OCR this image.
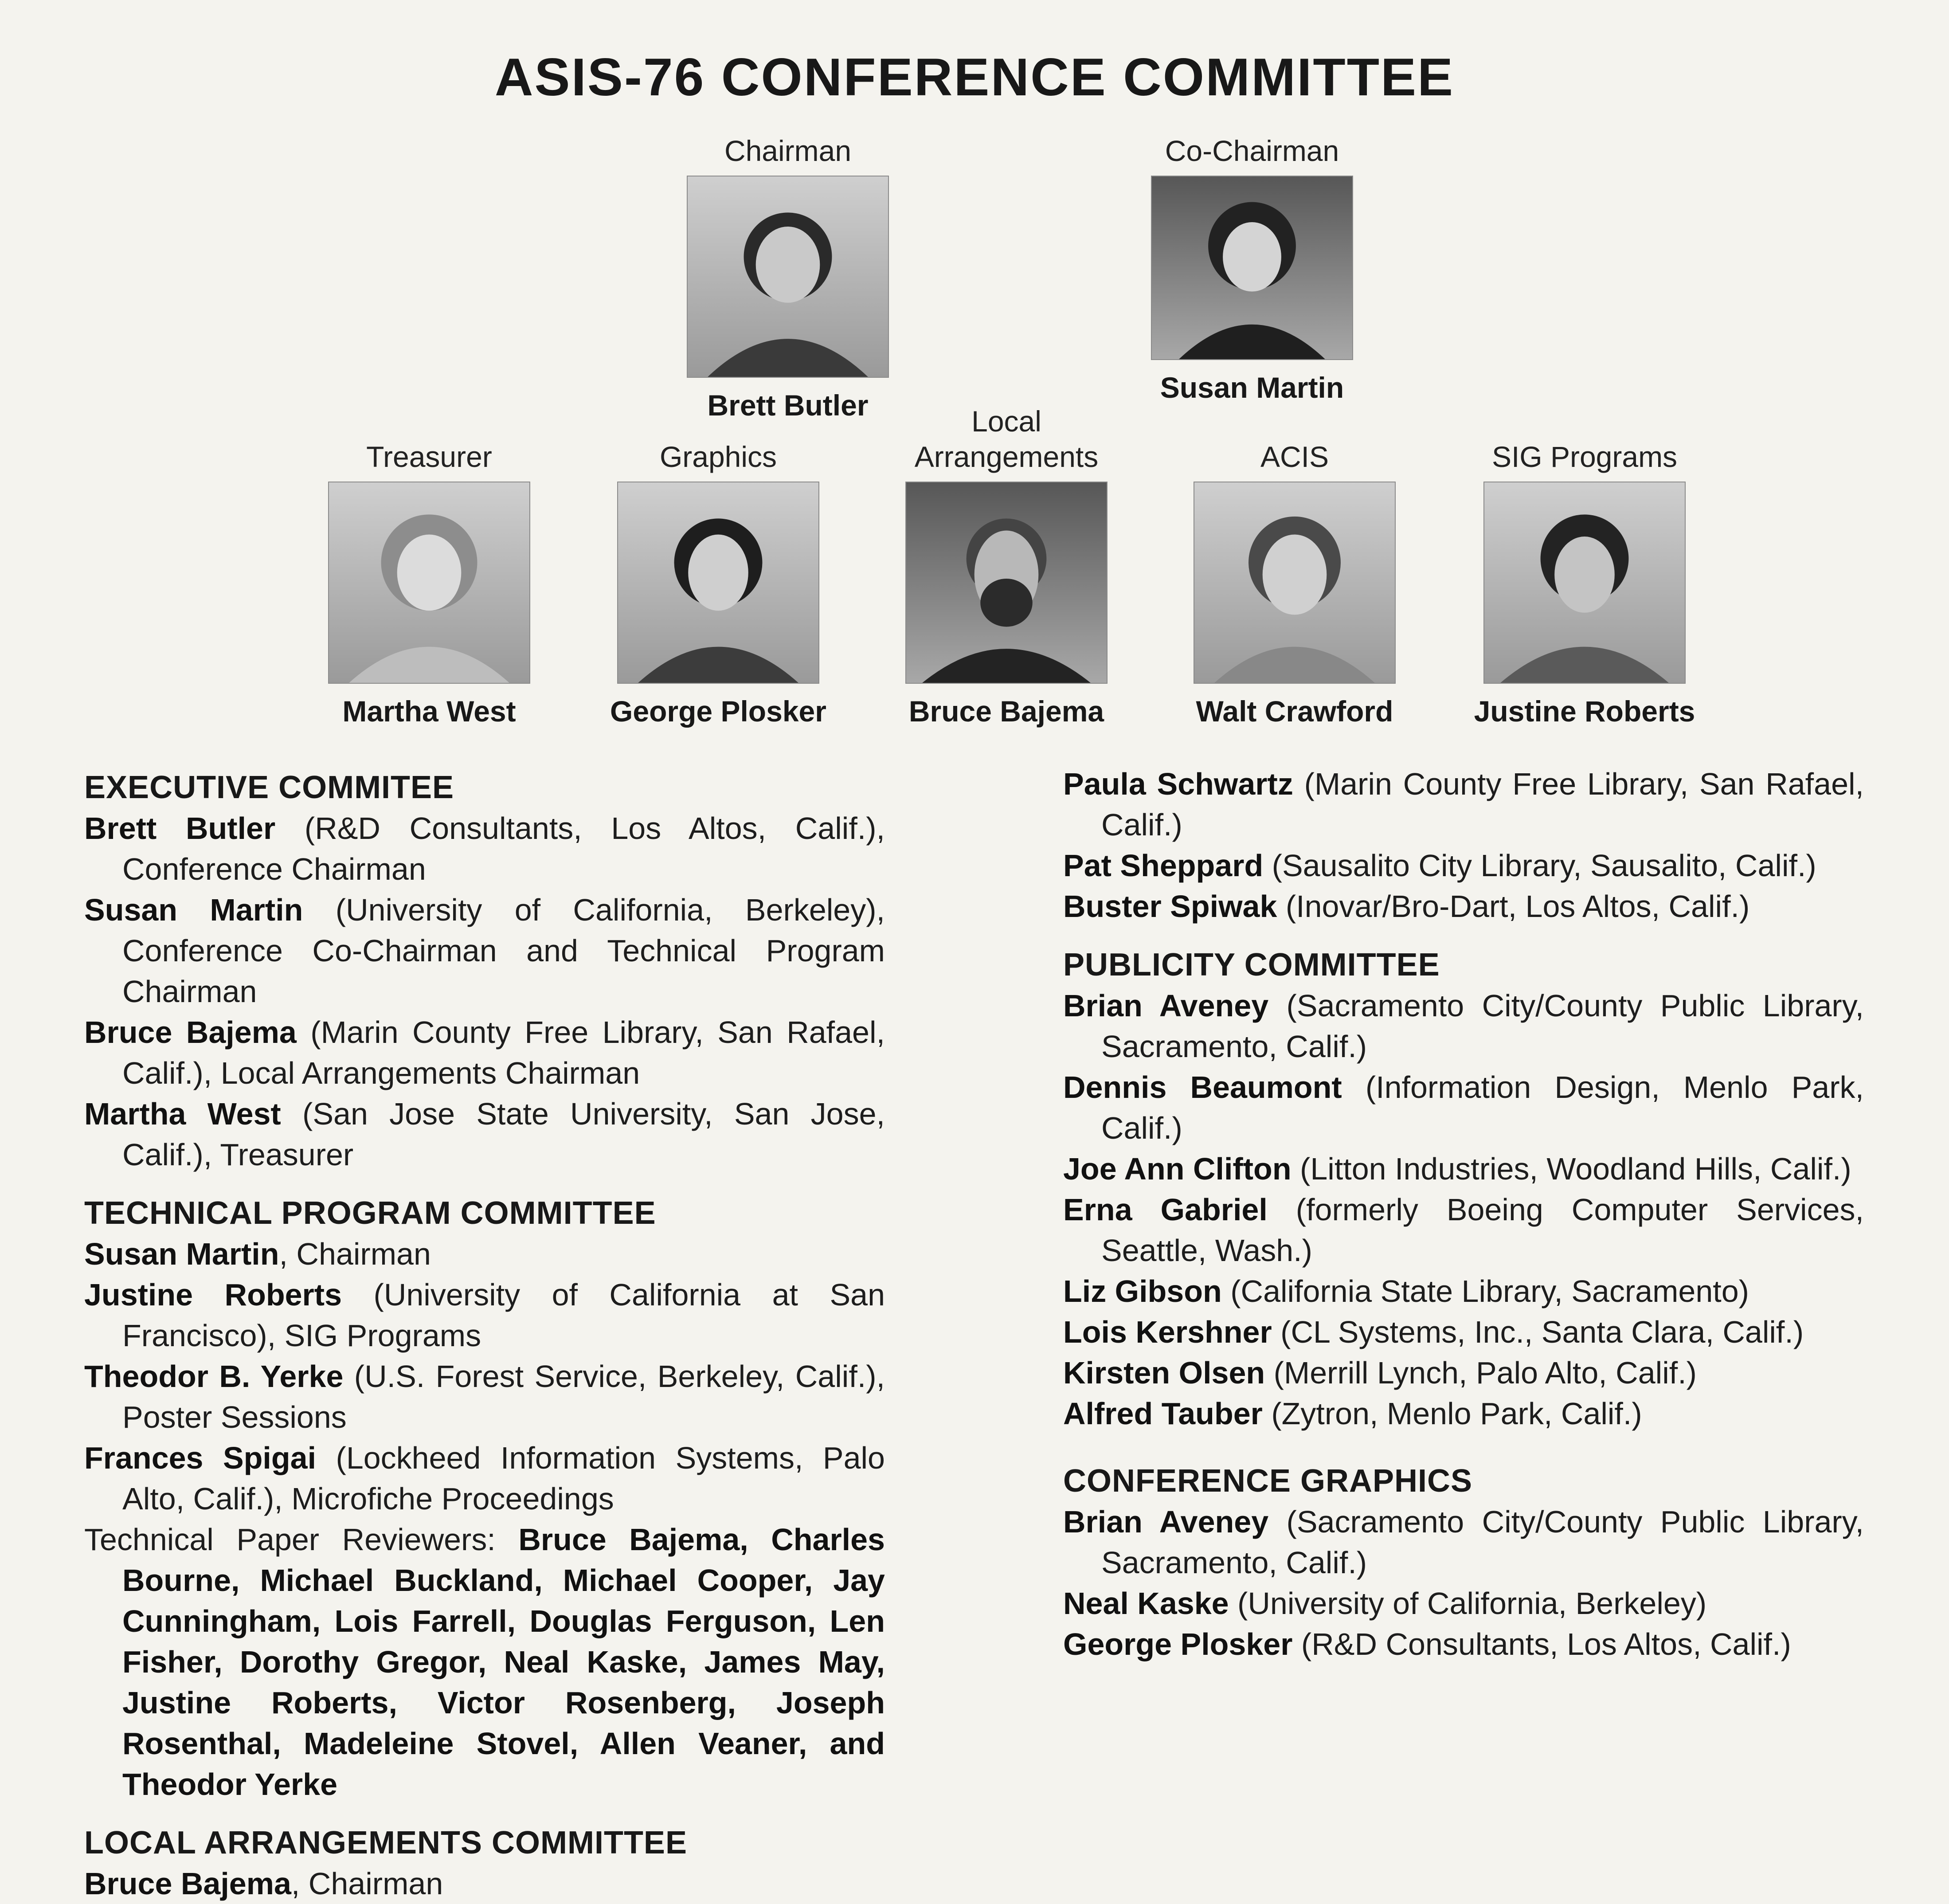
ASIS-76 CONFERENCE COMMITTEE
Chairman
Brett Butler
Co-Chairman
Susan Martin
Treasurer
Martha West
Graphics
George Plosker
Local Arrangements
Bruce Bajema
ACIS
Walt Crawford
SIG Programs
Justine Roberts
EXECUTIVE COMMITEE
Brett Butler (R&D Consultants, Los Altos, Calif.), Conference Chairman
Susan Martin (University of California, Berkeley), Conference Co-Chairman and Technical Program Chairman
Bruce Bajema (Marin County Free Library, San Rafael, Calif.), Local Arrangements Chairman
Martha West (San Jose State University, San Jose, Calif.), Treasurer
TECHNICAL PROGRAM COMMITTEE
Susan Martin, Chairman
Justine Roberts (University of California at San Francisco), SIG Programs
Theodor B. Yerke (U.S. Forest Service, Berkeley, Calif.), Poster Sessions
Frances Spigai (Lockheed Information Systems, Palo Alto, Calif.), Microfiche Proceedings
Technical Paper Reviewers: Bruce Bajema, Charles Bourne, Michael Buckland, Michael Cooper, Jay Cunningham, Lois Farrell, Douglas Ferguson, Len Fisher, Dorothy Gregor, Neal Kaske, James May, Justine Roberts, Victor Rosenberg, Joseph Rosenthal, Madeleine Stovel, Allen Veaner, and Theodor Yerke
LOCAL ARRANGEMENTS COMMITTEE
Bruce Bajema, Chairman
Paula Schwartz (Marin County Free Library, San Rafael, Calif.)
Pat Sheppard (Sausalito City Library, Sausalito, Calif.)
Buster Spiwak (Inovar/Bro-Dart, Los Altos, Calif.)
PUBLICITY COMMITTEE
Brian Aveney (Sacramento City/County Public Library, Sacramento, Calif.)
Dennis Beaumont (Information Design, Menlo Park, Calif.)
Joe Ann Clifton (Litton Industries, Woodland Hills, Calif.)
Erna Gabriel (formerly Boeing Computer Services, Seattle, Wash.)
Liz Gibson (California State Library, Sacramento)
Lois Kershner (CL Systems, Inc., Santa Clara, Calif.)
Kirsten Olsen (Merrill Lynch, Palo Alto, Calif.)
Alfred Tauber (Zytron, Menlo Park, Calif.)
CONFERENCE GRAPHICS
Brian Aveney (Sacramento City/County Public Library, Sacramento, Calif.)
Neal Kaske (University of California, Berkeley)
George Plosker (R&D Consultants, Los Altos, Calif.)
